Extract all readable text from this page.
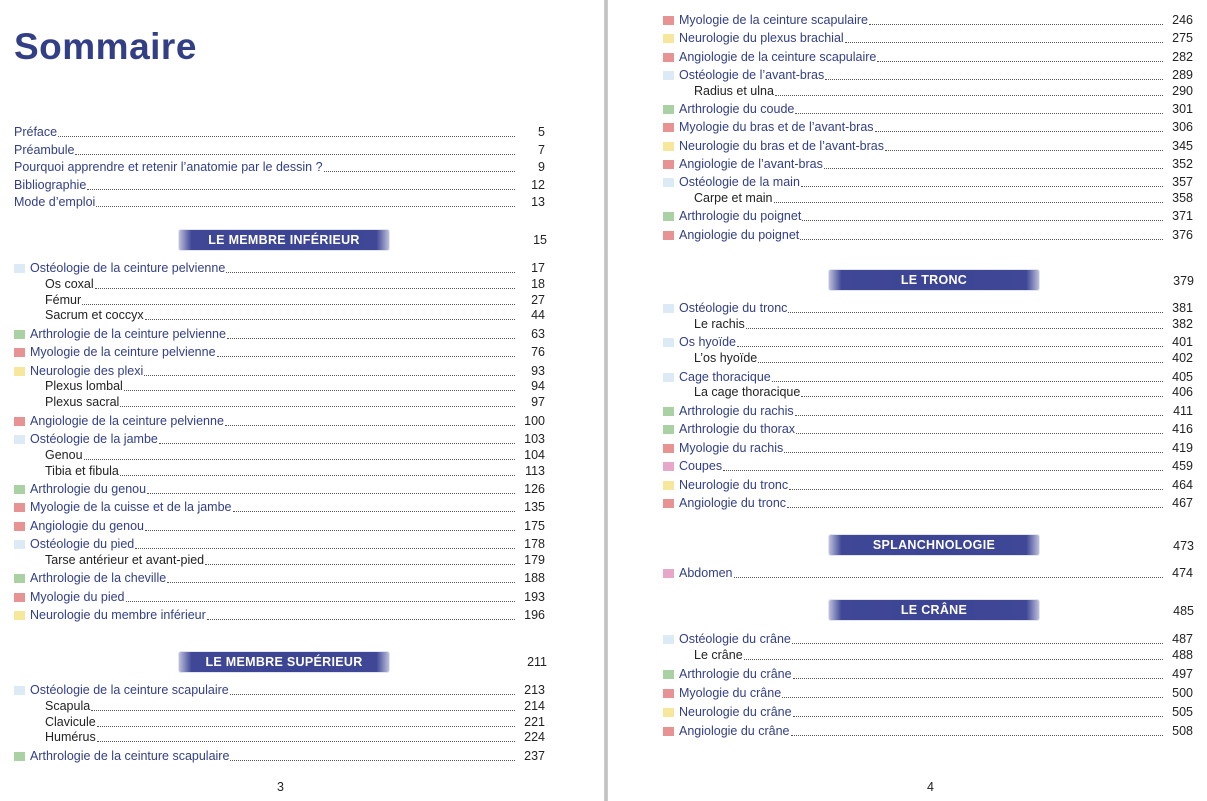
Sommaire
Préface	5
Préambule	7
Pourquoi apprendre et retenir l’anatomie par le dessin ?	9
Bibliographie	12
Mode d’emploi	13
LE MEMBRE INFÉRIEUR	15
Ostéologie de la ceinture pelvienne	17
Os coxal	18
Fémur	27
Sacrum et coccyx	44
Arthrologie de la ceinture pelvienne	63
Myologie de la ceinture pelvienne	76
Neurologie des plexi	93
Plexus lombal	94
Plexus sacral	97
Angiologie de la ceinture pelvienne	100
Ostéologie de la jambe	103
Genou	104
Tibia et fibula	113
Arthrologie du genou	126
Myologie de la cuisse et de la jambe	135
Angiologie du genou	175
Ostéologie du pied	178
Tarse antérieur et avant-pied	179
Arthrologie de la cheville	188
Myologie du pied	193
Neurologie du membre inférieur	196
LE MEMBRE SUPÉRIEUR	211
Ostéologie de la ceinture scapulaire	213
Scapula	214
Clavicule	221
Humérus	224
Arthrologie de la ceinture scapulaire	237
3
Myologie de la ceinture scapulaire	246
Neurologie du plexus brachial	275
Angiologie de la ceinture scapulaire	282
Ostéologie de l’avant-bras	289
Radius et ulna	290
Arthrologie du coude	301
Myologie du bras et de l’avant-bras	306
Neurologie du bras et de l’avant-bras	345
Angiologie de l’avant-bras	352
Ostéologie de la main	357
Carpe et main	358
Arthrologie du poignet	371
Angiologie du poignet	376
LE TRONC	379
Ostéologie du tronc	381
Le rachis	382
Os hyoïde	401
L’os hyoïde	402
Cage thoracique	405
La cage thoracique	406
Arthrologie du rachis	411
Arthrologie du thorax	416
Myologie du rachis	419
Coupes	459
Neurologie du tronc	464
Angiologie du tronc	467
SPLANCHNOLOGIE	473
Abdomen	474
LE CRÂNE	485
Ostéologie du crâne	487
Le crâne	488
Arthrologie du crâne	497
Myologie du crâne	500
Neurologie du crâne	505
Angiologie du crâne	508
4
